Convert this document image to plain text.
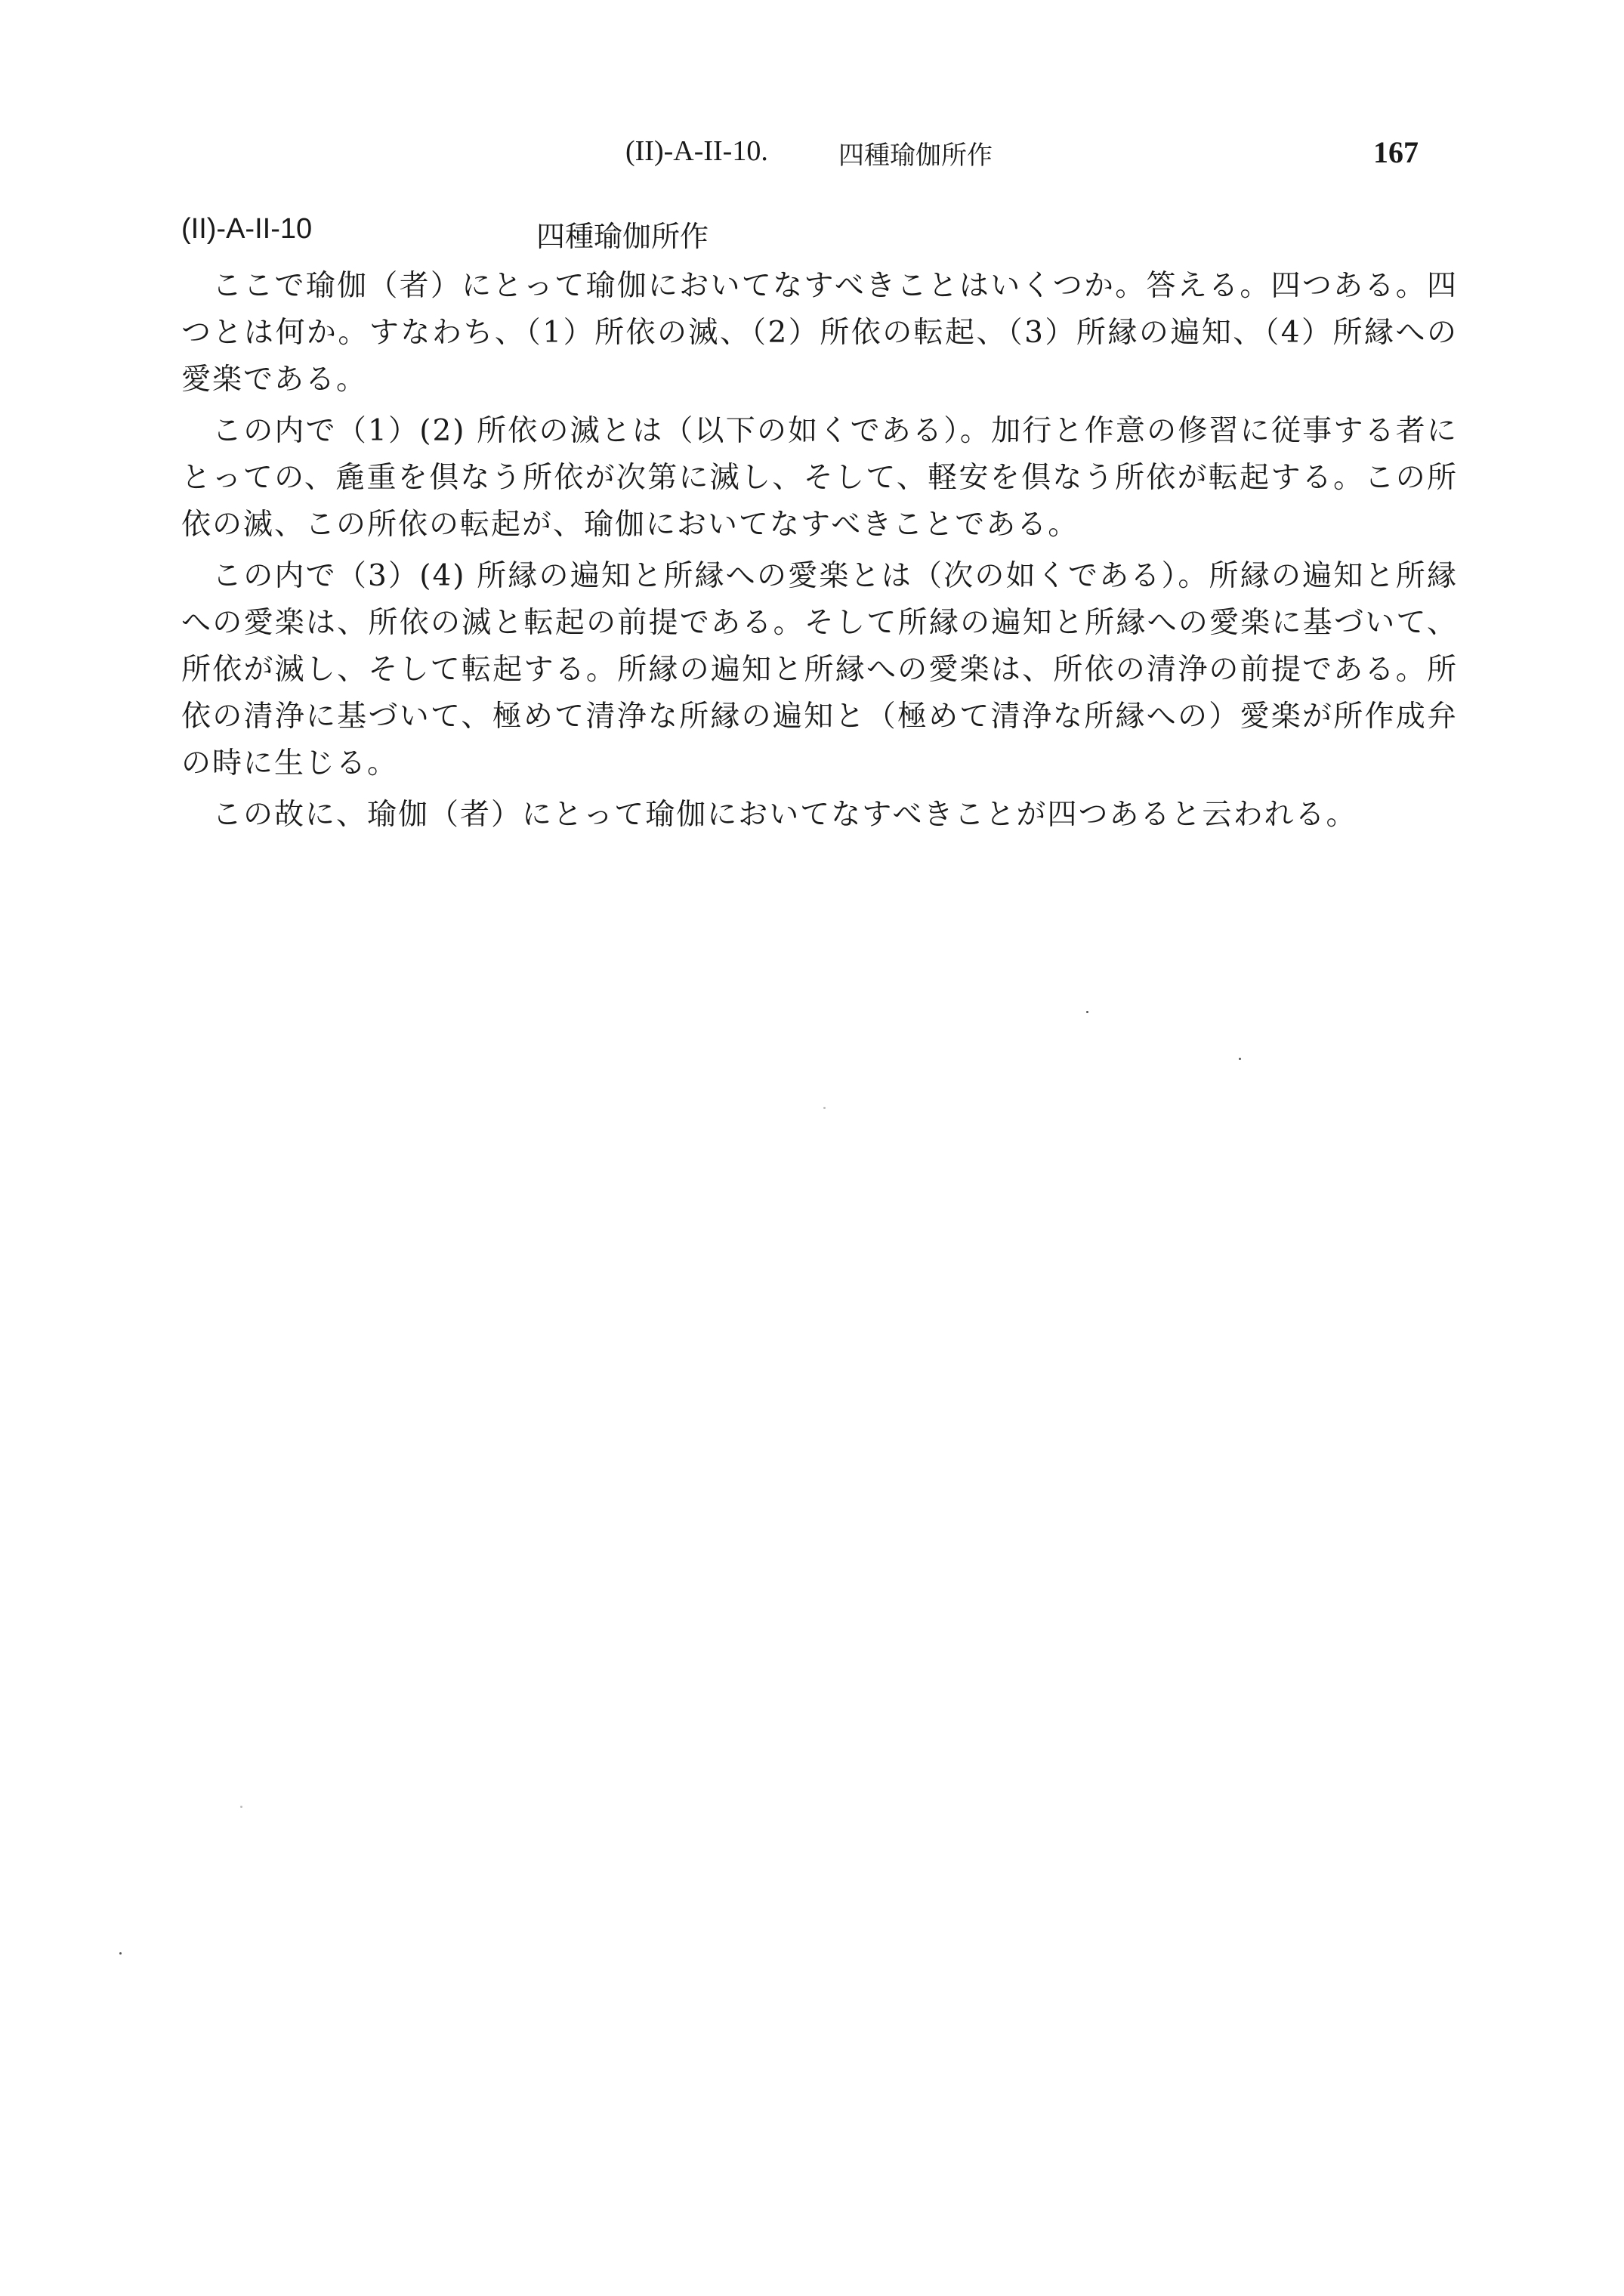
(II)-A-II-10.	四種瑜伽所作	167
(II)-A-II-10	四種瑜伽所作

ここで瑜伽（者）にとって瑜伽においてなすべきことはいくつか。答える。四つある。四つとは何か。すなわち、（1）所依の滅、（2）所依の転起、（3）所縁の遍知、（4）所縁への愛楽である。

この内で（1）(2) 所依の滅とは（以下の如くである）。加行と作意の修習に従事する者にとっての、麁重を倶なう所依が次第に滅し、そして、軽安を倶なう所依が転起する。この所依の滅、この所依の転起が、瑜伽においてなすべきことである。

この内で（3）(4) 所縁の遍知と所縁への愛楽とは（次の如くである）。所縁の遍知と所縁への愛楽は、所依の滅と転起の前提である。そして所縁の遍知と所縁への愛楽に基づいて、所依が滅し、そして転起する。所縁の遍知と所縁への愛楽は、所依の清浄の前提である。所依の清浄に基づいて、極めて清浄な所縁の遍知と（極めて清浄な所縁への）愛楽が所作成弁の時に生じる。

この故に、瑜伽（者）にとって瑜伽においてなすべきことが四つあると云われる。
